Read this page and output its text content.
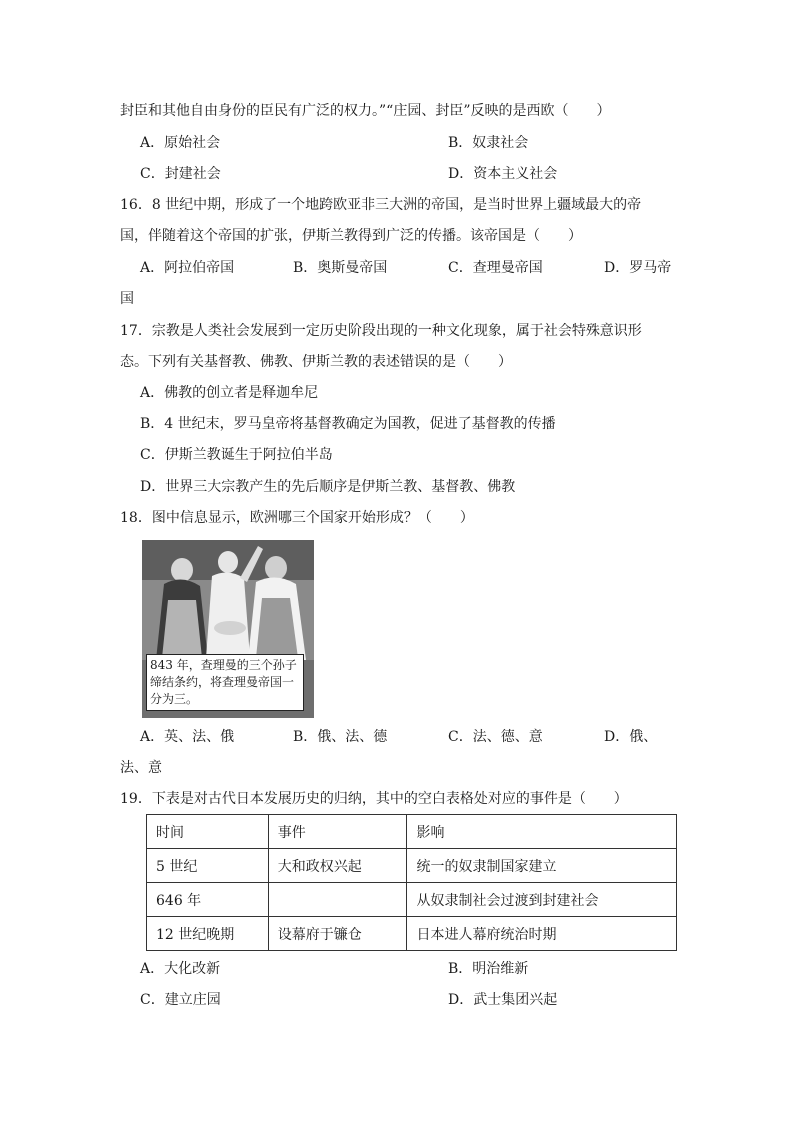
封臣和其他自由身份的臣民有广泛的权力。”“庄园、封臣”反映的是西欧（　　）
A．原始社会	B．奴隶社会
C．封建社会	D．资本主义社会
16．8 世纪中期，形成了一个地跨欧亚非三大洲的帝国，是当时世界上疆域最大的帝
国，伴随着这个帝国的扩张，伊斯兰教得到广泛的传播。该帝国是（　　）
A．阿拉伯帝国	B．奥斯曼帝国	C．查理曼帝国	D．罗马帝
国
17．宗教是人类社会发展到一定历史阶段出现的一种文化现象，属于社会特殊意识形
态。下列有关基督教、佛教、伊斯兰教的表述错误的是（　　）
A．佛教的创立者是释迦牟尼
B．4 世纪末，罗马皇帝将基督教确定为国教，促进了基督教的传播
C．伊斯兰教诞生于阿拉伯半岛
D．世界三大宗教产生的先后顺序是伊斯兰教、基督教、佛教
18．图中信息显示，欧洲哪三个国家开始形成？（　　）
843 年，查理曼的三个孙子缔结条约，将查理曼帝国一分为三。
A．英、法、俄	B．俄、法、德	C．法、德、意	D．俄、
法、意
19．下表是对古代日本发展历史的归纳，其中的空白表格处对应的事件是（　　）
时间	事件	影响
5 世纪	大和政权兴起	统一的奴隶制国家建立
646 年		从奴隶制社会过渡到封建社会
12 世纪晚期	设幕府于镰仓	日本进人幕府统治时期
A．大化改新	B．明治维新
C．建立庄园	D．武士集团兴起
